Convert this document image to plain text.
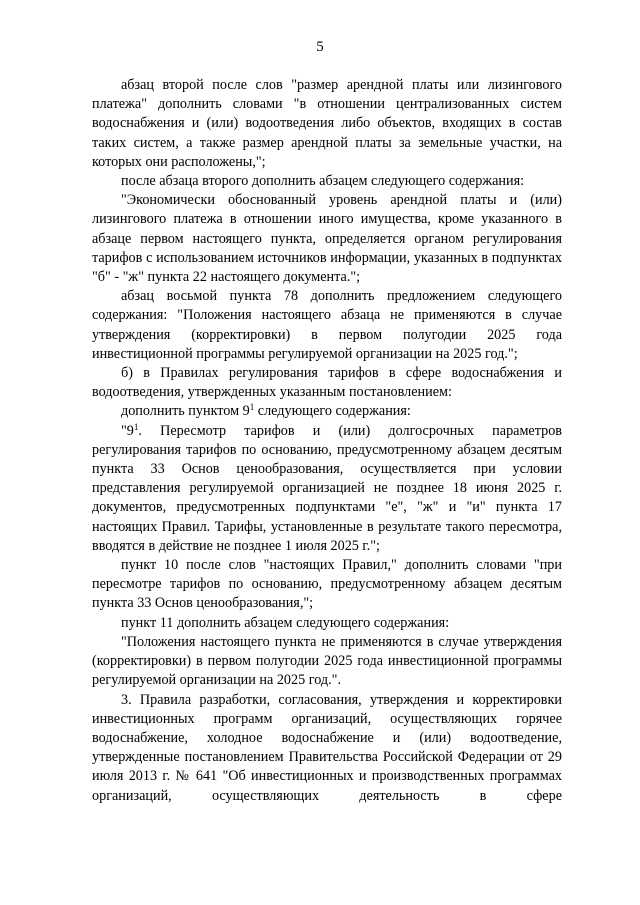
5

абзац второй после слов "размер арендной платы или лизингового платежа" дополнить словами "в отношении централизованных систем водоснабжения и (или) водоотведения либо объектов, входящих в состав таких систем, а также размер арендной платы за земельные участки, на которых они расположены,";

после абзаца второго дополнить абзацем следующего содержания:

"Экономически обоснованный уровень арендной платы и (или) лизингового платежа в отношении иного имущества, кроме указанного в абзаце первом настоящего пункта, определяется органом регулирования тарифов с использованием источников информации, указанных в подпунктах "б" - "ж" пункта 22 настоящего документа.";

абзац восьмой пункта 78 дополнить предложением следующего содержания: "Положения настоящего абзаца не применяются в случае утверждения (корректировки) в первом полугодии 2025 года инвестиционной программы регулируемой организации на 2025 год.";

б) в Правилах регулирования тарифов в сфере водоснабжения и водоотведения, утвержденных указанным постановлением:

дополнить пунктом $9^1$ следующего содержания:

"$9^1$. Пересмотр тарифов и (или) долгосрочных параметров регулирования тарифов по основанию, предусмотренному абзацем десятым пункта 33 Основ ценообразования, осуществляется при условии представления регулируемой организацией не позднее 18 июня 2025 г. документов, предусмотренных подпунктами "е", "ж" и "и" пункта 17 настоящих Правил. Тарифы, установленные в результате такого пересмотра, вводятся в действие не позднее 1 июля 2025 г.";

пункт 10 после слов "настоящих Правил," дополнить словами "при пересмотре тарифов по основанию, предусмотренному абзацем десятым пункта 33 Основ ценообразования,";

пункт 11 дополнить абзацем следующего содержания:

"Положения настоящего пункта не применяются в случае утверждения (корректировки) в первом полугодии 2025 года инвестиционной программы регулируемой организации на 2025 год.".

3. Правила разработки, согласования, утверждения и корректировки инвестиционных программ организаций, осуществляющих горячее водоснабжение, холодное водоснабжение и (или) водоотведение, утвержденные постановлением Правительства Российской Федерации от 29 июля 2013 г. № 641 "Об инвестиционных и производственных программах организаций, осуществляющих деятельность в сфере
